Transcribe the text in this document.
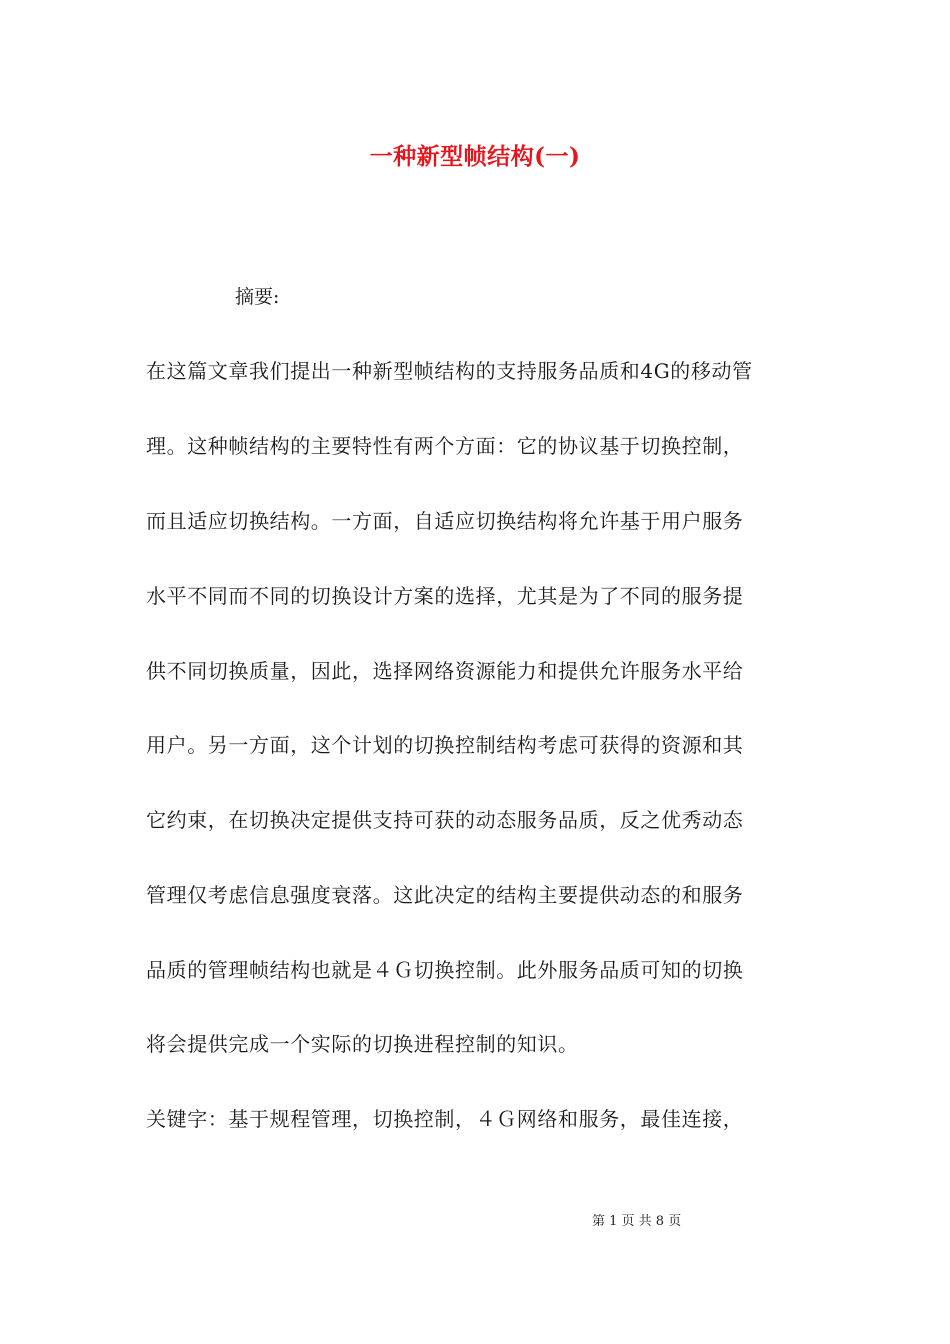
一种新型帧结构(一)
摘要:
在这篇文章我们提出一种新型帧结构的支持服务品质和4G的移动管
理。这种帧结构的主要特性有两个方面：它的协议基于切换控制，
而且适应切换结构。一方面，自适应切换结构将允许基于用户服务
水平不同而不同的切换设计方案的选择，尤其是为了不同的服务提
供不同切换质量，因此，选择网络资源能力和提供允许服务水平给
用户。另一方面，这个计划的切换控制结构考虑可获得的资源和其
它约束，在切换决定提供支持可获的动态服务品质，反之优秀动态
管理仅考虑信息强度衰落。这此决定的结构主要提供动态的和服务
品质的管理帧结构也就是４Ｇ切换控制。此外服务品质可知的切换
将会提供完成一个实际的切换进程控制的知识。
关键字：基于规程管理，切换控制，４Ｇ网络和服务，最佳连接，
第 1 页 共 8 页
